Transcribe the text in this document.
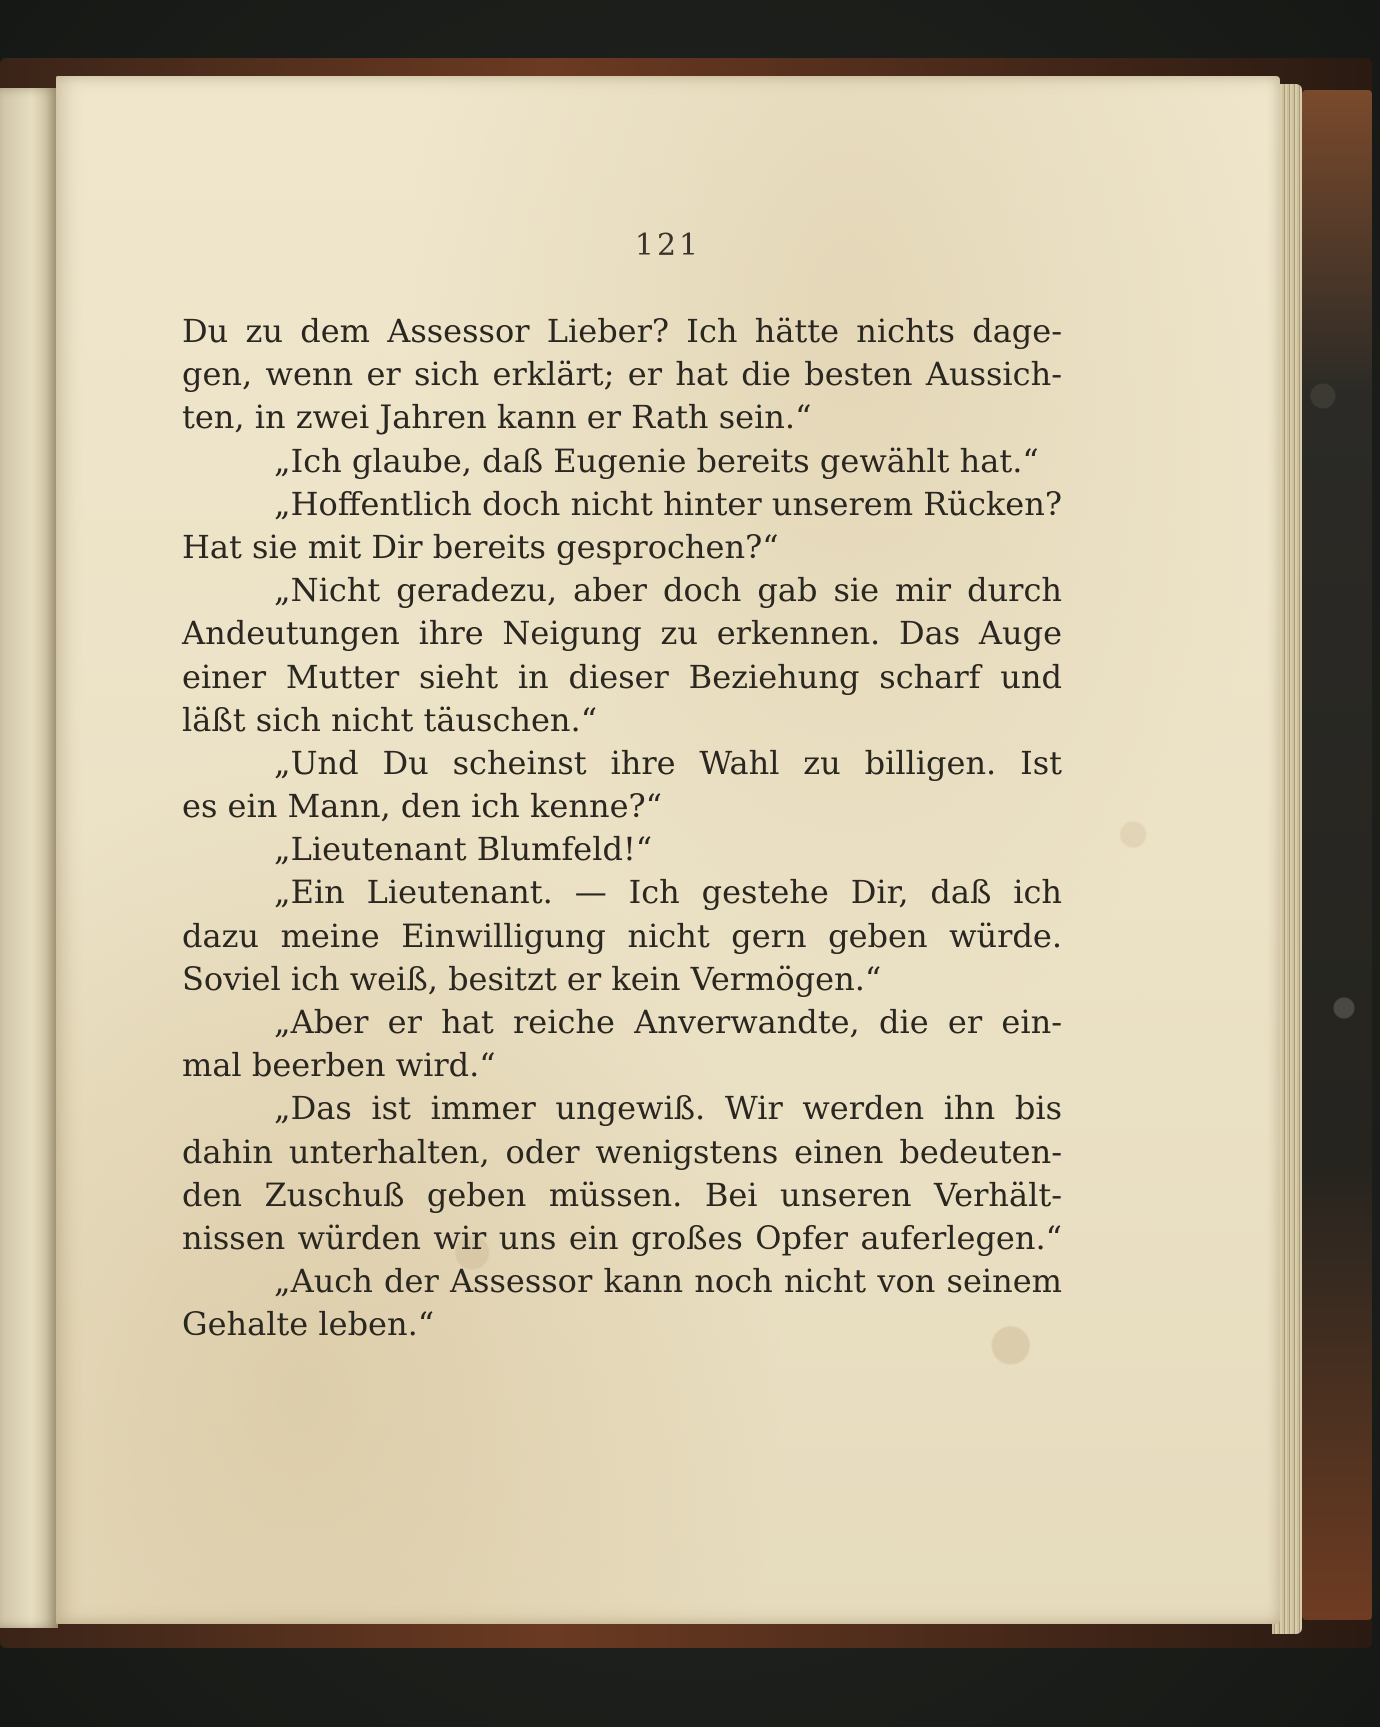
121
Du zu dem Assessor Lieber? Ich hätte nichts dage-
gen, wenn er sich erklärt; er hat die besten Aussich-
ten, in zwei Jahren kann er Rath sein.“
„Ich glaube, daß Eugenie bereits gewählt hat.“
„Hoffentlich doch nicht hinter unserem Rücken?
Hat sie mit Dir bereits gesprochen?“
„Nicht geradezu, aber doch gab sie mir durch
Andeutungen ihre Neigung zu erkennen. Das Auge
einer Mutter sieht in dieser Beziehung scharf und
läßt sich nicht täuschen.“
„Und Du scheinst ihre Wahl zu billigen. Ist
es ein Mann, den ich kenne?“
„Lieutenant Blumfeld!“
„Ein Lieutenant. — Ich gestehe Dir, daß ich
dazu meine Einwilligung nicht gern geben würde.
Soviel ich weiß, besitzt er kein Vermögen.“
„Aber er hat reiche Anverwandte, die er ein-
mal beerben wird.“
„Das ist immer ungewiß. Wir werden ihn bis
dahin unterhalten, oder wenigstens einen bedeuten-
den Zuschuß geben müssen. Bei unseren Verhält-
nissen würden wir uns ein großes Opfer auferlegen.“
„Auch der Assessor kann noch nicht von seinem
Gehalte leben.“
